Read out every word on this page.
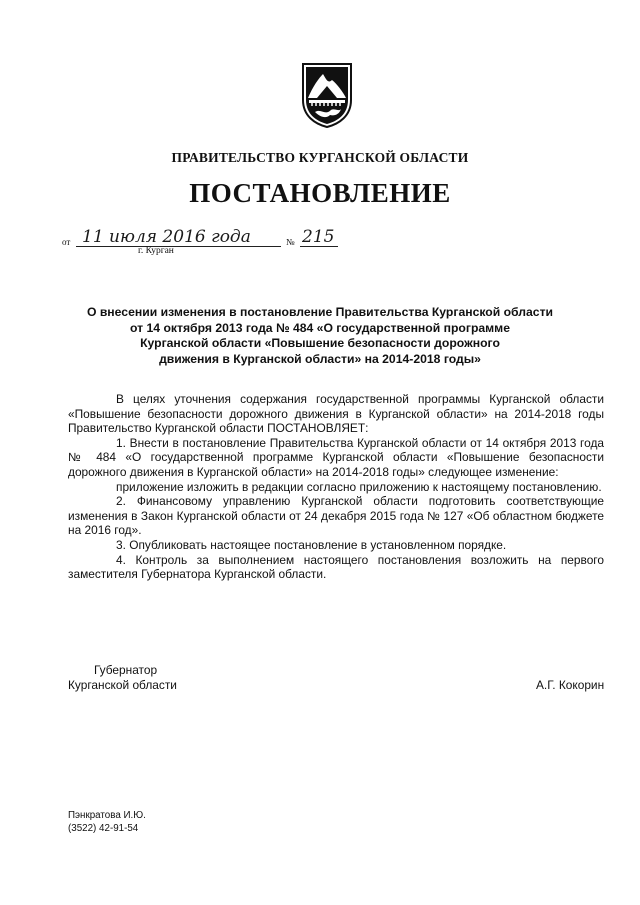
ПРАВИТЕЛЬСТВО КУРГАНСКОЙ ОБЛАСТИ
ПОСТАНОВЛЕНИЕ
от 11 июля 2016 года	№ 215
г. Курган
О внесении изменения в постановление Правительства Курганской области
от 14 октября 2013 года № 484 «О государственной программе
Курганской области «Повышение безопасности дорожного
движения в Курганской области» на 2014-2018 годы»

В целях уточнения содержания государственной программы Курганской области «Повышение безопасности дорожного движения в Курганской области» на 2014-2018 годы Правительство Курганской области ПОСТАНОВЛЯЕТ:

1. Внести в постановление Правительства Курганской области от 14 октября 2013 года № 484 «О государственной программе Курганской области «Повышение безопасности дорожного движения в Курганской области» на 2014-2018 годы» следующее изменение:

приложение изложить в редакции согласно приложению к настоящему постановлению.

2. Финансовому управлению Курганской области подготовить соответствующие изменения в Закон Курганской области от 24 декабря 2015 года № 127 «Об областном бюджете на 2016 год».

3. Опубликовать настоящее постановление в установленном порядке.

4. Контроль за выполнением настоящего постановления возложить на первого заместителя Губернатора Курганской области.

Губернатор
Курганской области	А.Г. Кокорин
Пэнкратова И.Ю.
(3522) 42-91-54
